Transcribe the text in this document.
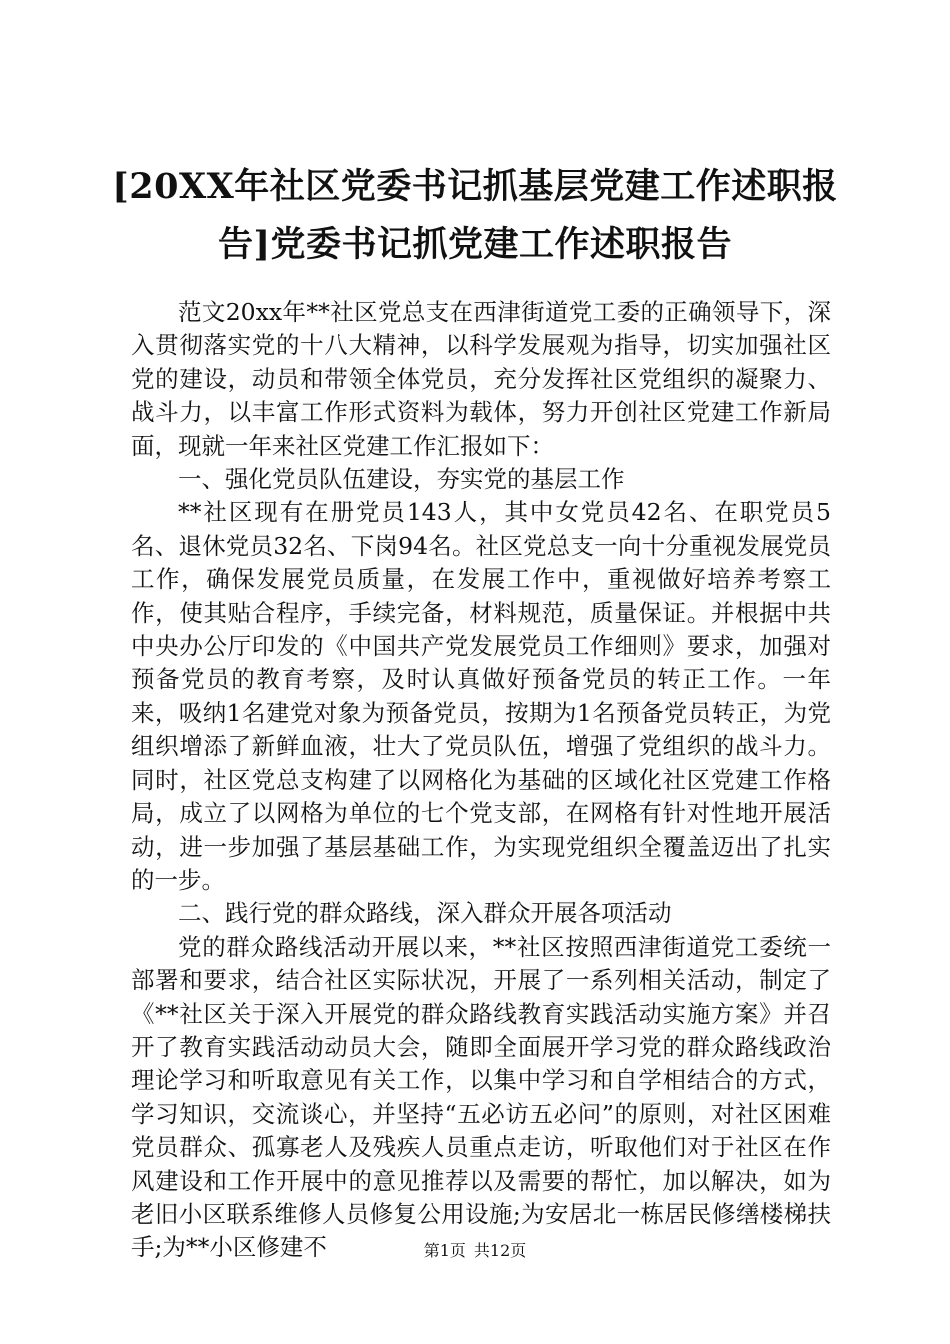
[20XX年社区党委书记抓基层党建工作述职报告]党委书记抓党建工作述职报告

范文20xx年**社区党总支在西津街道党工委的正确领导下，深入贯彻落实党的十八大精神，以科学发展观为指导，切实加强社区党的建设，动员和带领全体党员，充分发挥社区党组织的凝聚力、战斗力，以丰富工作形式资料为载体，努力开创社区党建工作新局面，现就一年来社区党建工作汇报如下：

一、强化党员队伍建设，夯实党的基层工作

**社区现有在册党员143人，其中女党员42名、在职党员5名、退休党员32名、下岗94名。社区党总支一向十分重视发展党员工作，确保发展党员质量，在发展工作中，重视做好培养考察工作，使其贴合程序，手续完备，材料规范，质量保证。并根据中共中央办公厅印发的《中国共产党发展党员工作细则》要求，加强对预备党员的教育考察，及时认真做好预备党员的转正工作。一年来，吸纳1名建党对象为预备党员，按期为1名预备党员转正，为党组织增添了新鲜血液，壮大了党员队伍，增强了党组织的战斗力。同时，社区党总支构建了以网格化为基础的区域化社区党建工作格局，成立了以网格为单位的七个党支部，在网格有针对性地开展活动，进一步加强了基层基础工作，为实现党组织全覆盖迈出了扎实的一步。

二、践行党的群众路线，深入群众开展各项活动

党的群众路线活动开展以来，**社区按照西津街道党工委统一部署和要求，结合社区实际状况，开展了一系列相关活动，制定了《**社区关于深入开展党的群众路线教育实践活动实施方案》并召开了教育实践活动动员大会，随即全面展开学习党的群众路线政治理论学习和听取意见有关工作，以集中学习和自学相结合的方式，学习知识，交流谈心，并坚持“五必访五必问”的原则，对社区困难党员群众、孤寡老人及残疾人员重点走访，听取他们对于社区在作风建设和工作开展中的意见推荐以及需要的帮忙，加以解决，如为老旧小区联系维修人员修复公用设施;为安居北一栋居民修缮楼梯扶手;为**小区修建不	第1页 共12页
